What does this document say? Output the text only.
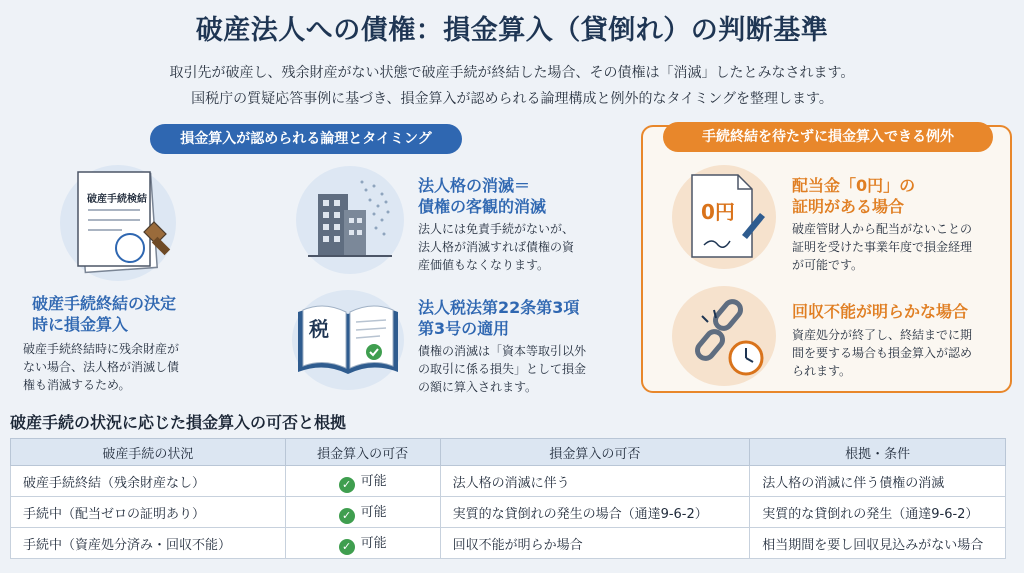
破産法人への債権：損金算入（貸倒れ）の判断基準
取引先が破産し、残余財産がない状態で破産手続が終結した場合、その債権は「消滅」したとみなされます。
国税庁の質疑応答事例に基づき、損金算入が認められる論理構成と例外的なタイミングを整理します。
損金算入が認められる論理とタイミング
破産手続検結
破産手続終結の決定
時に損金算入
破産手続終結時に残余財産が
ない場合、法人格が消滅し債
権も消滅するため。
法人格の消滅＝
債権の客観的消滅
法人には免責手続がないが、
法人格が消滅すれば債権の資
産価値もなくなります。
税
法人税法第22条第3項
第3号の適用
債権の消滅は「資本等取引以外
の取引に係る損失」として損金
の額に算入されます。
手続終結を待たずに損金算入できる例外
0円
配当金「0円」の
証明がある場合
破産管財人から配当がないことの
証明を受けた事業年度で損金経理
が可能です。
回収不能が明らかな場合
資産処分が終了し、終結までに期
間を要する場合も損金算入が認め
られます。
破産手続の状況に応じた損金算入の可否と根拠
破産手続の状況	損金算入の可否	損金算入の可否	根拠・条件
破産手続終結（残余財産なし）	✓ 可能	法人格の消滅に伴う	法人格の消滅に伴う債権の消滅
手続中（配当ゼロの証明あり）	✓ 可能	実質的な貸倒れの発生の場合（通達9-6-2）	実質的な貸倒れの発生（通達9-6-2）
手続中（資産処分済み・回収不能）	✓ 可能	回収不能が明らか場合	相当期間を要し回収見込みがない場合
